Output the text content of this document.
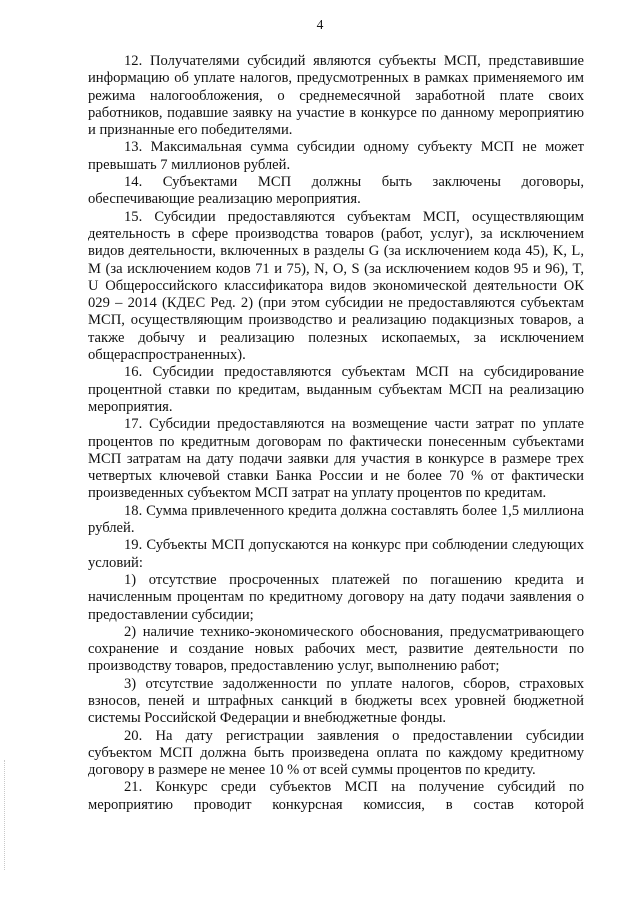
4

12. Получателями субсидий являются субъекты МСП, представившие информацию об уплате налогов, предусмотренных в рамках применяемого им режима налогообложения, о среднемесячной заработной плате своих работников, подавшие заявку на участие в конкурсе по данному мероприятию и признанные его победителями.

13. Максимальная сумма субсидии одному субъекту МСП не может превышать 7 миллионов рублей.

14. Субъектами МСП должны быть заключены договоры, обеспечивающие реализацию мероприятия.

15. Субсидии предоставляются субъектам МСП, осуществляющим деятельность в сфере производства товаров (работ, услуг), за исключением видов деятельности, включенных в разделы G (за исключением кода 45), K, L, M (за исключением кодов 71 и 75), N, O, S (за исключением кодов 95 и 96), T, U Общероссийского классификатора видов экономической деятельности ОК 029 – 2014 (КДЕС Ред. 2) (при этом субсидии не предоставляются субъектам МСП, осуществляющим производство и реализацию подакцизных товаров, а также добычу и реализацию полезных ископаемых, за исключением общераспространенных).

16. Субсидии предоставляются субъектам МСП на субсидирование процентной ставки по кредитам, выданным субъектам МСП на реализацию мероприятия.

17. Субсидии предоставляются на возмещение части затрат по уплате процентов по кредитным договорам по фактически понесенным субъектами МСП затратам на дату подачи заявки для участия в конкурсе в размере трех четвертых ключевой ставки Банка России и не более 70 % от фактически произведенных субъектом МСП затрат на уплату процентов по кредитам.

18. Сумма привлеченного кредита должна составлять более 1,5 миллиона рублей.

19. Субъекты МСП допускаются на конкурс при соблюдении следующих условий:

1) отсутствие просроченных платежей по погашению кредита и начисленным процентам по кредитному договору на дату подачи заявления о предоставлении субсидии;

2) наличие технико-экономического обоснования, предусматривающего сохранение и создание новых рабочих мест, развитие деятельности по производству товаров, предоставлению услуг, выполнению работ;

3) отсутствие задолженности по уплате налогов, сборов, страховых взносов, пеней и штрафных санкций в бюджеты всех уровней бюджетной системы Российской Федерации и внебюджетные фонды.

20. На дату регистрации заявления о предоставлении субсидии субъектом МСП должна быть произведена оплата по каждому кредитному договору в размере не менее 10 % от всей суммы процентов по кредиту.

21. Конкурс среди субъектов МСП на получение субсидий по мероприятию проводит конкурсная комиссия, в состав которой
